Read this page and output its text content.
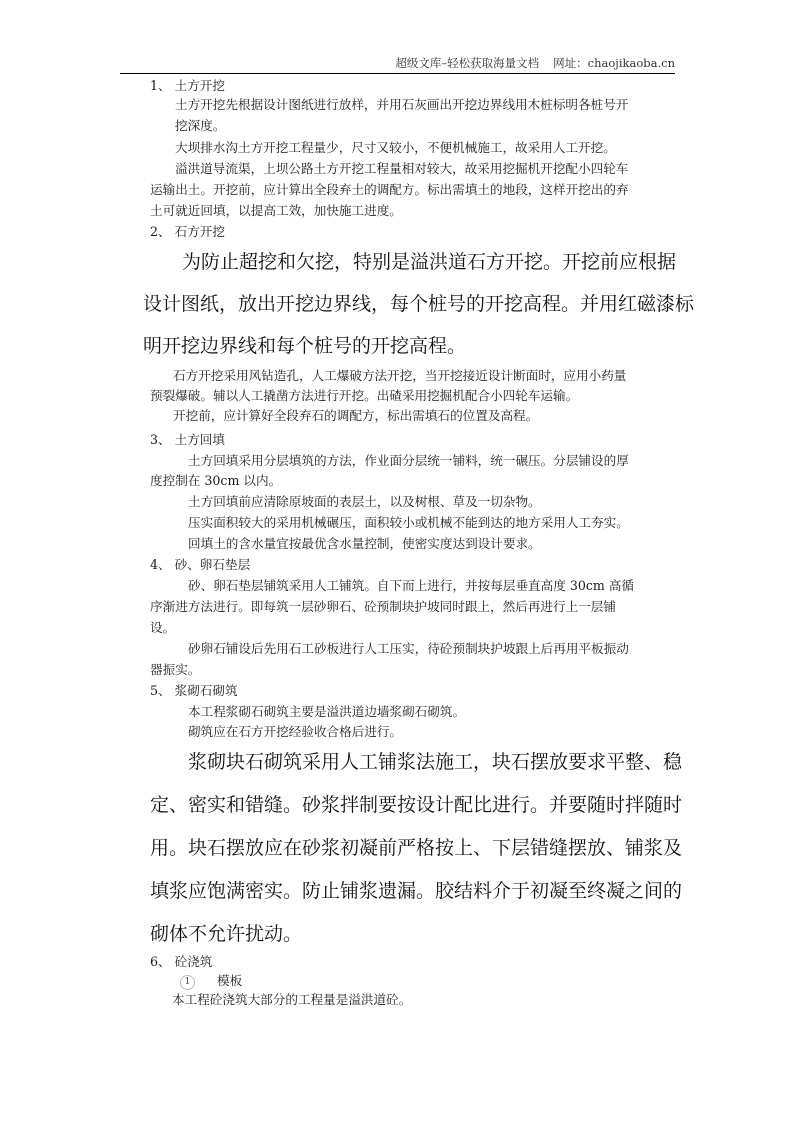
超级文库–轻松获取海量文档 网址：chaojikaoba.cn
1、 土方开挖
土方开挖先根据设计图纸进行放样，并用石灰画出开挖边界线用木桩标明各桩号开
挖深度。
大坝排水沟土方开挖工程量少，尺寸又较小，不便机械施工，故采用人工开挖。
溢洪道导流渠，上坝公路土方开挖工程量相对较大，故采用挖掘机开挖配小四轮车
运输出土。开挖前，应计算出全段弃土的调配方。标出需填土的地段，这样开挖出的弃
土可就近回填，以提高工效，加快施工进度。
2、 石方开挖
为防止超挖和欠挖，特别是溢洪道石方开挖。开挖前应根据
设计图纸，放出开挖边界线，每个桩号的开挖高程。并用红磁漆标
明开挖边界线和每个桩号的开挖高程。
石方开挖采用风钻造孔，人工爆破方法开挖，当开挖接近设计断面时，应用小药量
预裂爆破。辅以人工撬凿方法进行开挖。出碴采用挖掘机配合小四轮车运输。
开挖前，应计算好全段弃石的调配方，标出需填石的位置及高程。
3、 土方回填
土方回填采用分层填筑的方法，作业面分层统一铺料，统一碾压。分层铺设的厚
度控制在 30cm 以内。
土方回填前应清除原坡面的表层土，以及树根、草及一切杂物。
压实面积较大的采用机械碾压，面积较小或机械不能到达的地方采用人工夯实。
回填土的含水量宜按最优含水量控制，使密实度达到设计要求。
4、 砂、卵石垫层
砂、卵石垫层铺筑采用人工铺筑。自下而上进行，并按每层垂直高度 30cm 高循
序渐进方法进行。即每筑一层砂卵石、砼预制块护坡同时跟上，然后再进行上一层铺
设。
砂卵石铺设后先用石工砂板进行人工压实，待砼预制块护坡跟上后再用平板振动
器振实。
5、 浆砌石砌筑
本工程浆砌石砌筑主要是溢洪道边墙浆砌石砌筑。
砌筑应在石方开挖经验收合格后进行。
浆砌块石砌筑采用人工铺浆法施工，块石摆放要求平整、稳
定、密实和错缝。砂浆拌制要按设计配比进行。并要随时拌随时
用。块石摆放应在砂浆初凝前严格按上、下层错缝摆放、铺浆及
填浆应饱满密实。防止铺浆遗漏。胶结料介于初凝至终凝之间的
砌体不允许扰动。
6、 砼浇筑
1 模板
本工程砼浇筑大部分的工程量是溢洪道砼。
